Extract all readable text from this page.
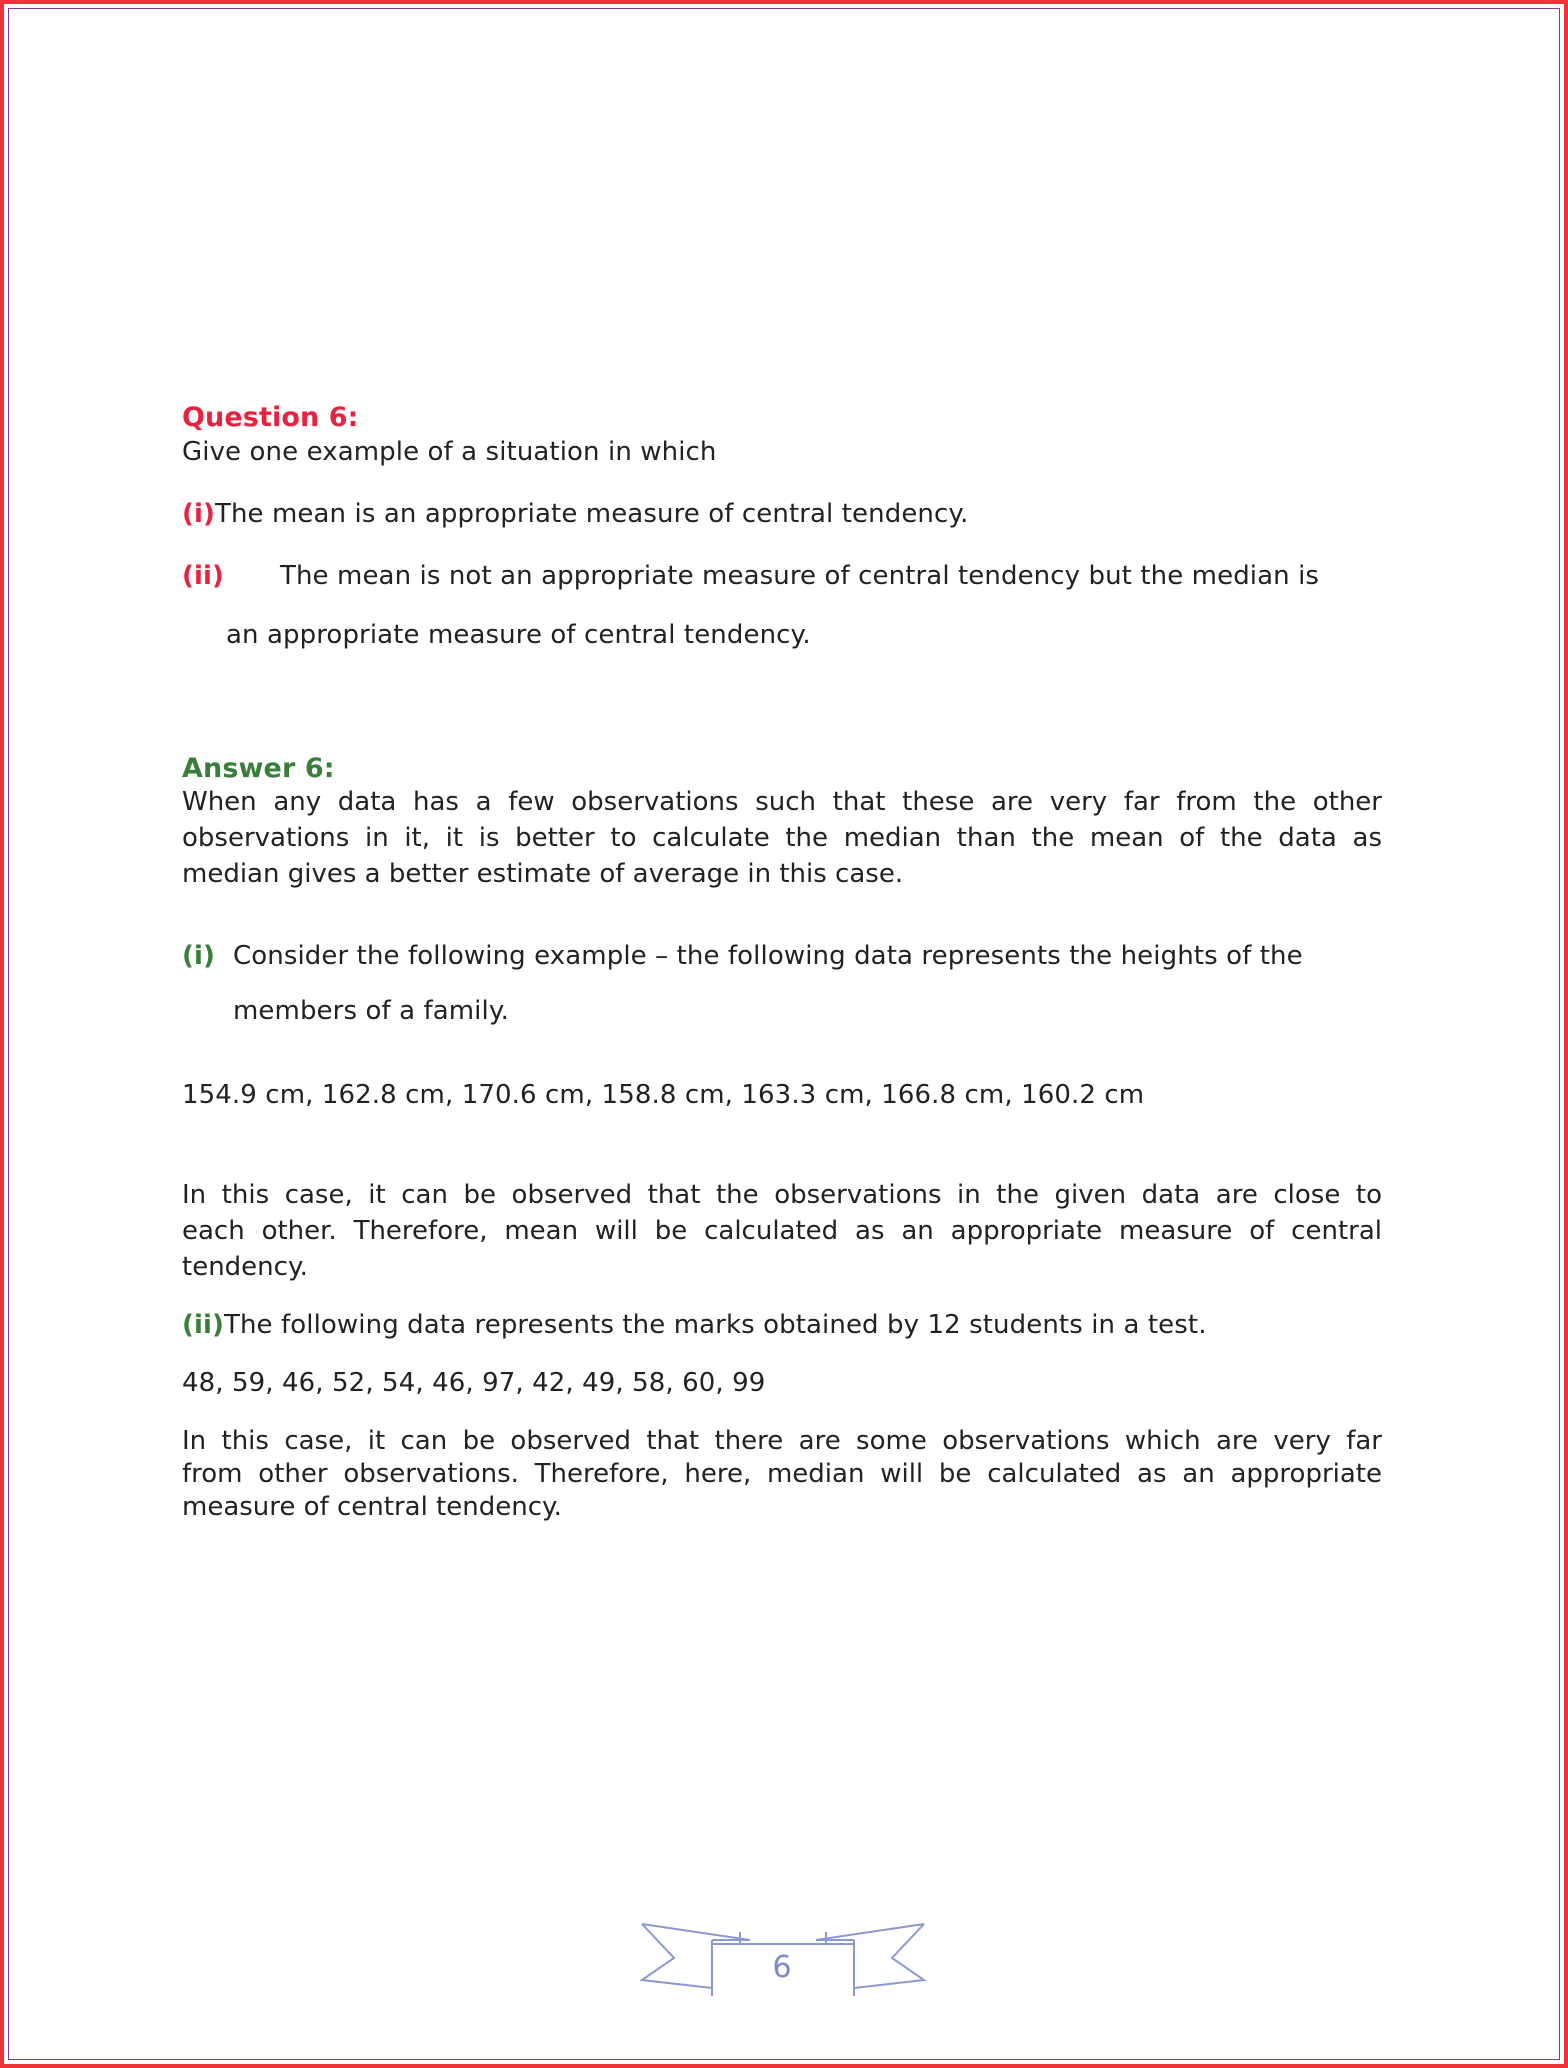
Question 6:
Give one example of a situation in which
(i)The mean is an appropriate measure of central tendency.
(ii) The mean is not an appropriate measure of central tendency but the median is
an appropriate measure of central tendency.
Answer 6:
When any data has a few observations such that these are very far from the other
observations in it, it is better to calculate the median than the mean of the data as
median gives a better estimate of average in this case.
(i) Consider the following example – the following data represents the heights of the
members of a family.
154.9 cm, 162.8 cm, 170.6 cm, 158.8 cm, 163.3 cm, 166.8 cm, 160.2 cm
In this case, it can be observed that the observations in the given data are close to
each other. Therefore, mean will be calculated as an appropriate measure of central
tendency.
(ii)The following data represents the marks obtained by 12 students in a test.
48, 59, 46, 52, 54, 46, 97, 42, 49, 58, 60, 99
In this case, it can be observed that there are some observations which are very far
from other observations. Therefore, here, median will be calculated as an appropriate
measure of central tendency.
6
